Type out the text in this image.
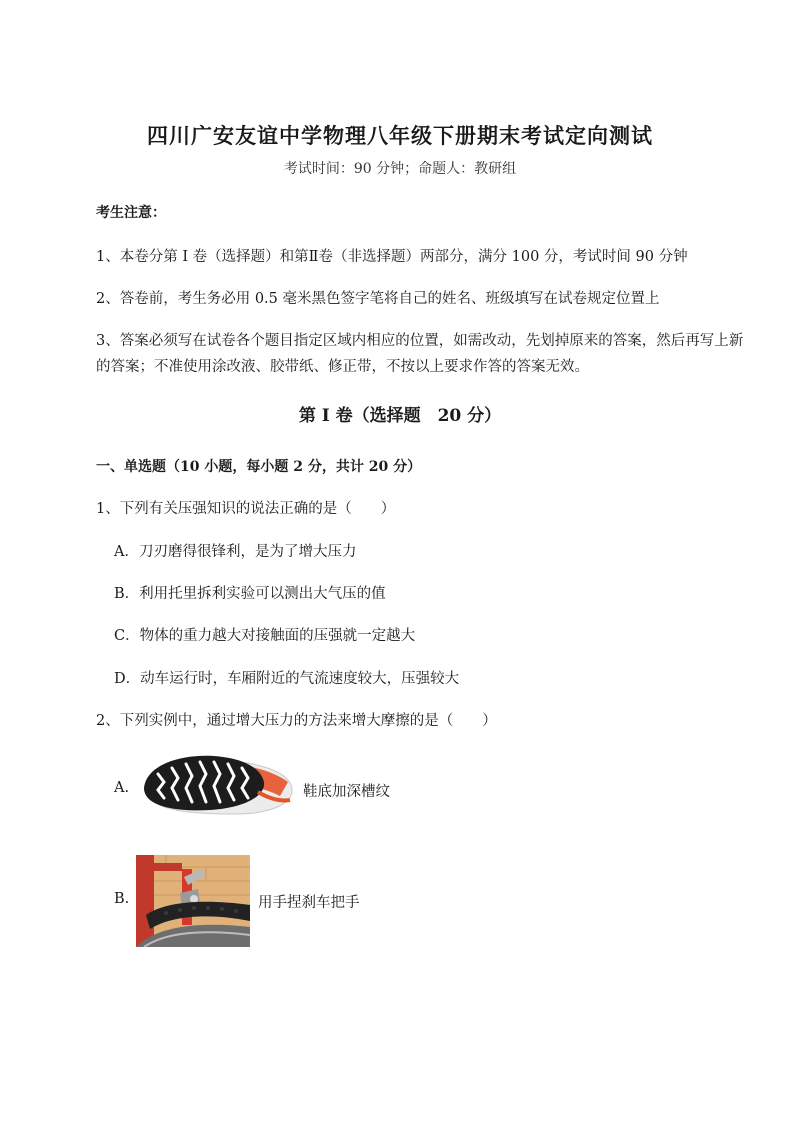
四川广安友谊中学物理八年级下册期末考试定向测试
考试时间：90 分钟；命题人：教研组
考生注意：
1、本卷分第 I 卷（选择题）和第Ⅱ卷（非选择题）两部分，满分 100 分，考试时间 90 分钟
2、答卷前，考生务必用 0.5 毫米黑色签字笔将自己的姓名、班级填写在试卷规定位置上
3、答案必须写在试卷各个题目指定区域内相应的位置，如需改动，先划掉原来的答案，然后再写上新
的答案；不准使用涂改液、胶带纸、修正带，不按以上要求作答的答案无效。
第 I 卷（选择题　20 分）
一、单选题（10 小题，每小题 2 分，共计 20 分）
1、下列有关压强知识的说法正确的是（　　）
A．刀刃磨得很锋利，是为了增大压力
B．利用托里拆利实验可以测出大气压的值
C．物体的重力越大对接触面的压强就一定越大
D．动车运行时，车厢附近的气流速度较大，压强较大
2、下列实例中，通过增大压力的方法来增大摩擦的是（　　）
A.	鞋底加深槽纹
B.	用手捏刹车把手
